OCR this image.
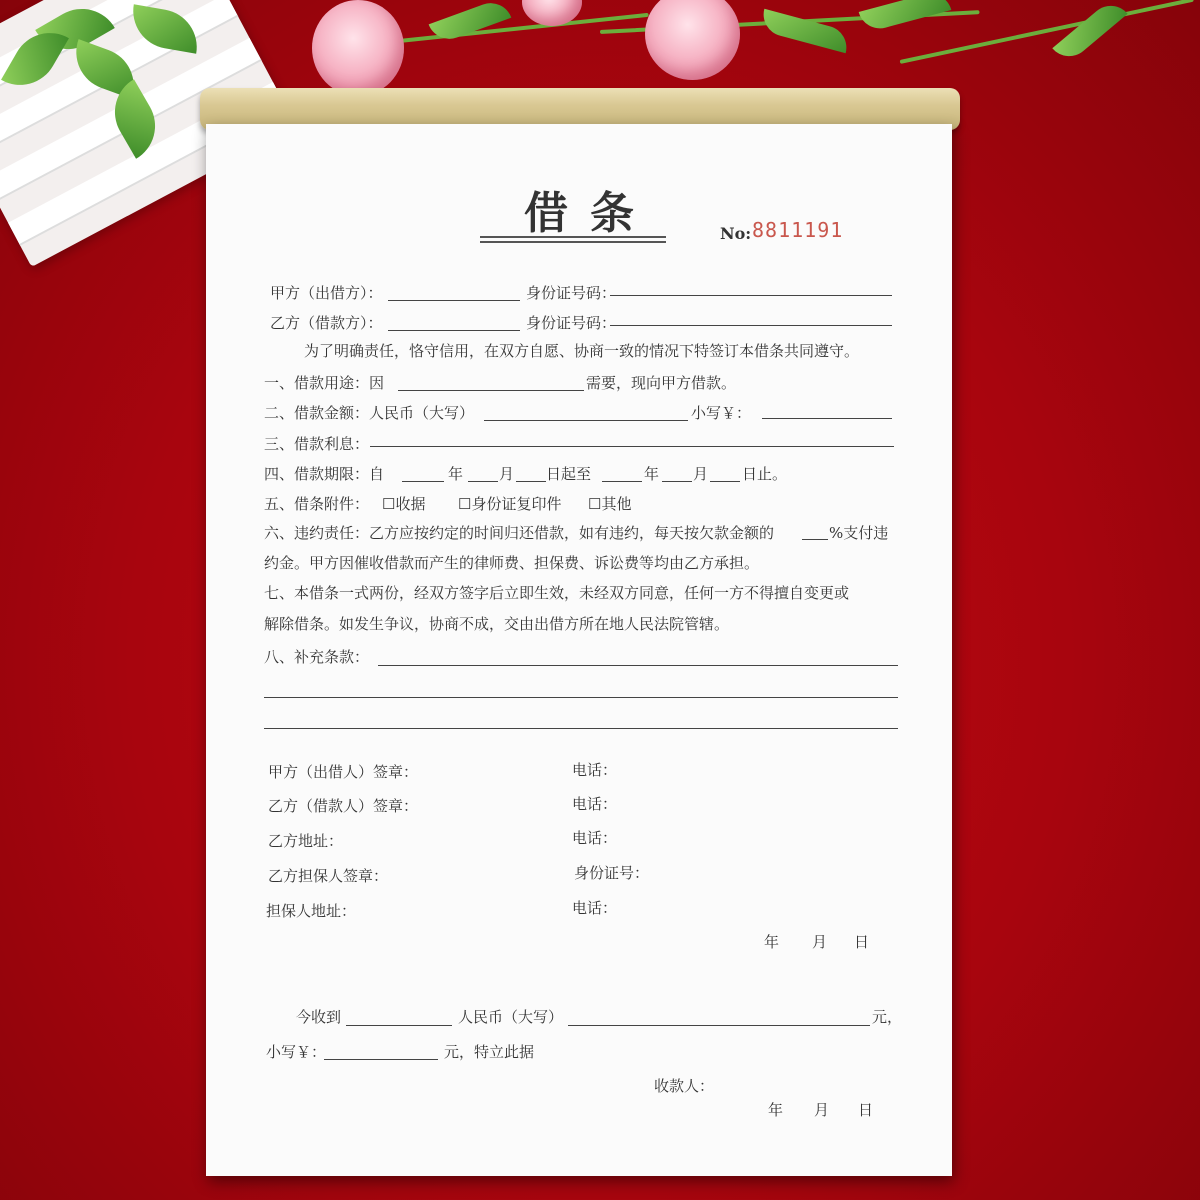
借条	No: 8811191
甲方（出借方）：	身份证号码：
乙方（借款方）：	身份证号码：
为了明确责任，恪守信用，在双方自愿、协商一致的情况下特签订本借条共同遵守。
一、借款用途：因	需要，现向甲方借款。
二、借款金额：人民币（大写）	小写￥：
三、借款利息：
四、借款期限：自	年 月 日起至	年 月 日止。
五、借条附件： ☐收据 ☐身份证复印件 ☐其他
六、违约责任：乙方应按约定的时间归还借款，如有违约，每天按欠款金额的	%支付违
约金。甲方因催收借款而产生的律师费、担保费、诉讼费等均由乙方承担。
七、本借条一式两份，经双方签字后立即生效，未经双方同意，任何一方不得擅自变更或
解除借条。如发生争议，协商不成，交由出借方所在地人民法院管辖。
八、补充条款：
甲方（出借人）签章：	电话：
乙方（借款人）签章：	电话：
乙方地址：	电话：
乙方担保人签章：	身份证号：
担保人地址：	电话：
年 月 日
今收到	人民币（大写）	元，
小写￥：	元，特立此据
收款人：
年 月 日
